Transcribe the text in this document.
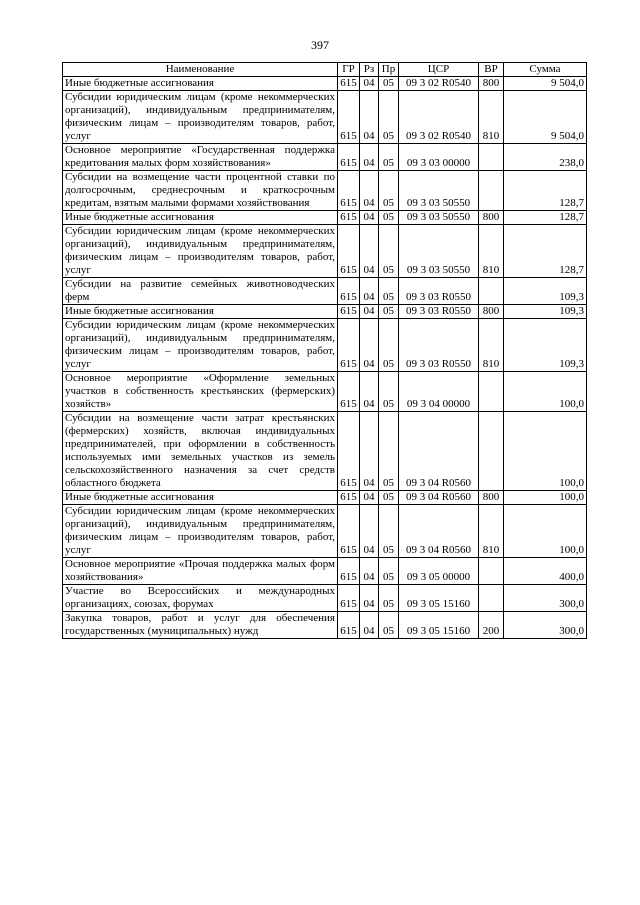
397
Наименование	ГР	Рз	Пр	ЦСР	ВР	Сумма
Иные бюджетные ассигнования	615	04	05	09 3 02 R0540	800	9 504,0
Субсидии юридическим лицам (кроме некоммерческих организаций), индивидуальным предпринимателям, физическим лицам – производителям товаров, работ, услуг	615	04	05	09 3 02 R0540	810	9 504,0
Основное мероприятие «Государственная поддержка кредитования малых форм хозяйствования»	615	04	05	09 3 03 00000		238,0
Субсидии на возмещение части процентной ставки по долгосрочным, среднесрочным и краткосрочным кредитам, взятым малыми формами хозяйствования	615	04	05	09 3 03 50550		128,7
Иные бюджетные ассигнования	615	04	05	09 3 03 50550	800	128,7
Субсидии юридическим лицам (кроме некоммерческих организаций), индивидуальным предпринимателям, физическим лицам – производителям товаров, работ, услуг	615	04	05	09 3 03 50550	810	128,7
Субсидии на развитие семейных животноводческих ферм	615	04	05	09 3 03 R0550		109,3
Иные бюджетные ассигнования	615	04	05	09 3 03 R0550	800	109,3
Субсидии юридическим лицам (кроме некоммерческих организаций), индивидуальным предпринимателям, физическим лицам – производителям товаров, работ, услуг	615	04	05	09 3 03 R0550	810	109,3
Основное мероприятие «Оформление земельных участков в собственность крестьянских (фермерских) хозяйств»	615	04	05	09 3 04 00000		100,0
Субсидии на возмещение части затрат крестьянских (фермерских) хозяйств, включая индивидуальных предпринимателей, при оформлении в собственность используемых ими земельных участков из земель сельскохозяйственного назначения за счет средств областного бюджета	615	04	05	09 3 04 R0560		100,0
Иные бюджетные ассигнования	615	04	05	09 3 04 R0560	800	100,0
Субсидии юридическим лицам (кроме некоммерческих организаций), индивидуальным предпринимателям, физическим лицам – производителям товаров, работ, услуг	615	04	05	09 3 04 R0560	810	100,0
Основное мероприятие «Прочая поддержка малых форм хозяйствования»	615	04	05	09 3 05 00000		400,0
Участие во Всероссийских и международных организациях, союзах, форумах	615	04	05	09 3 05 15160		300,0
Закупка товаров, работ и услуг для обеспечения государственных (муниципальных) нужд	615	04	05	09 3 05 15160	200	300,0
